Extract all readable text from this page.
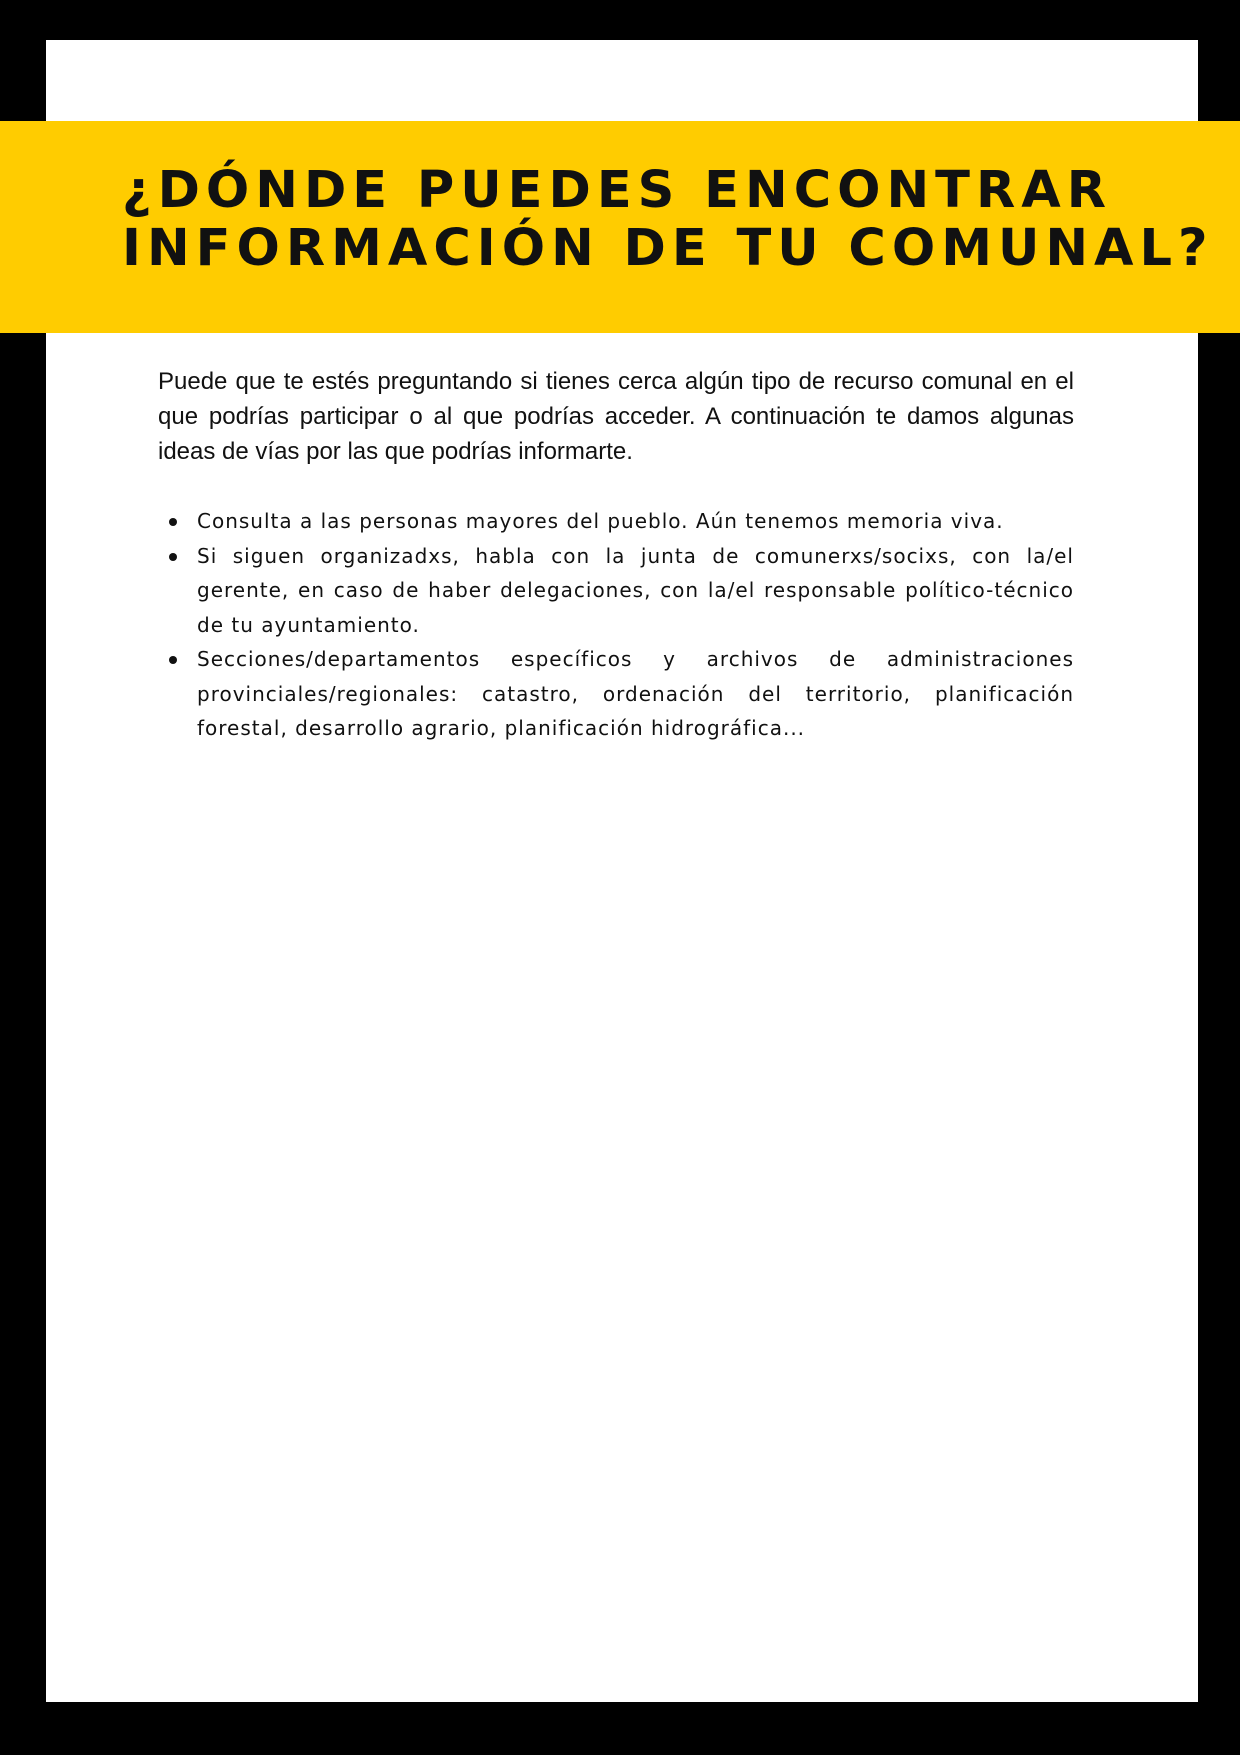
¿DÓNDE PUEDES ENCONTRAR
INFORMACIÓN DE TU COMUNAL?

Puede que te estés preguntando si tienes cerca algún tipo de recurso comunal en el que podrías participar o al que podrías acceder. A continuación te damos algunas ideas de vías por las que podrías informarte.

Consulta a las personas mayores del pueblo. Aún tenemos memoria viva.
Si siguen organizadxs, habla con la junta de comunerxs/socixs, con la/el gerente, en caso de haber delegaciones, con la/el responsable político-técnico de tu ayuntamiento.
Secciones/departamentos específicos y archivos de administraciones provinciales/regionales: catastro, ordenación del territorio, planificación forestal, desarrollo agrario, planificación hidrográfica...
